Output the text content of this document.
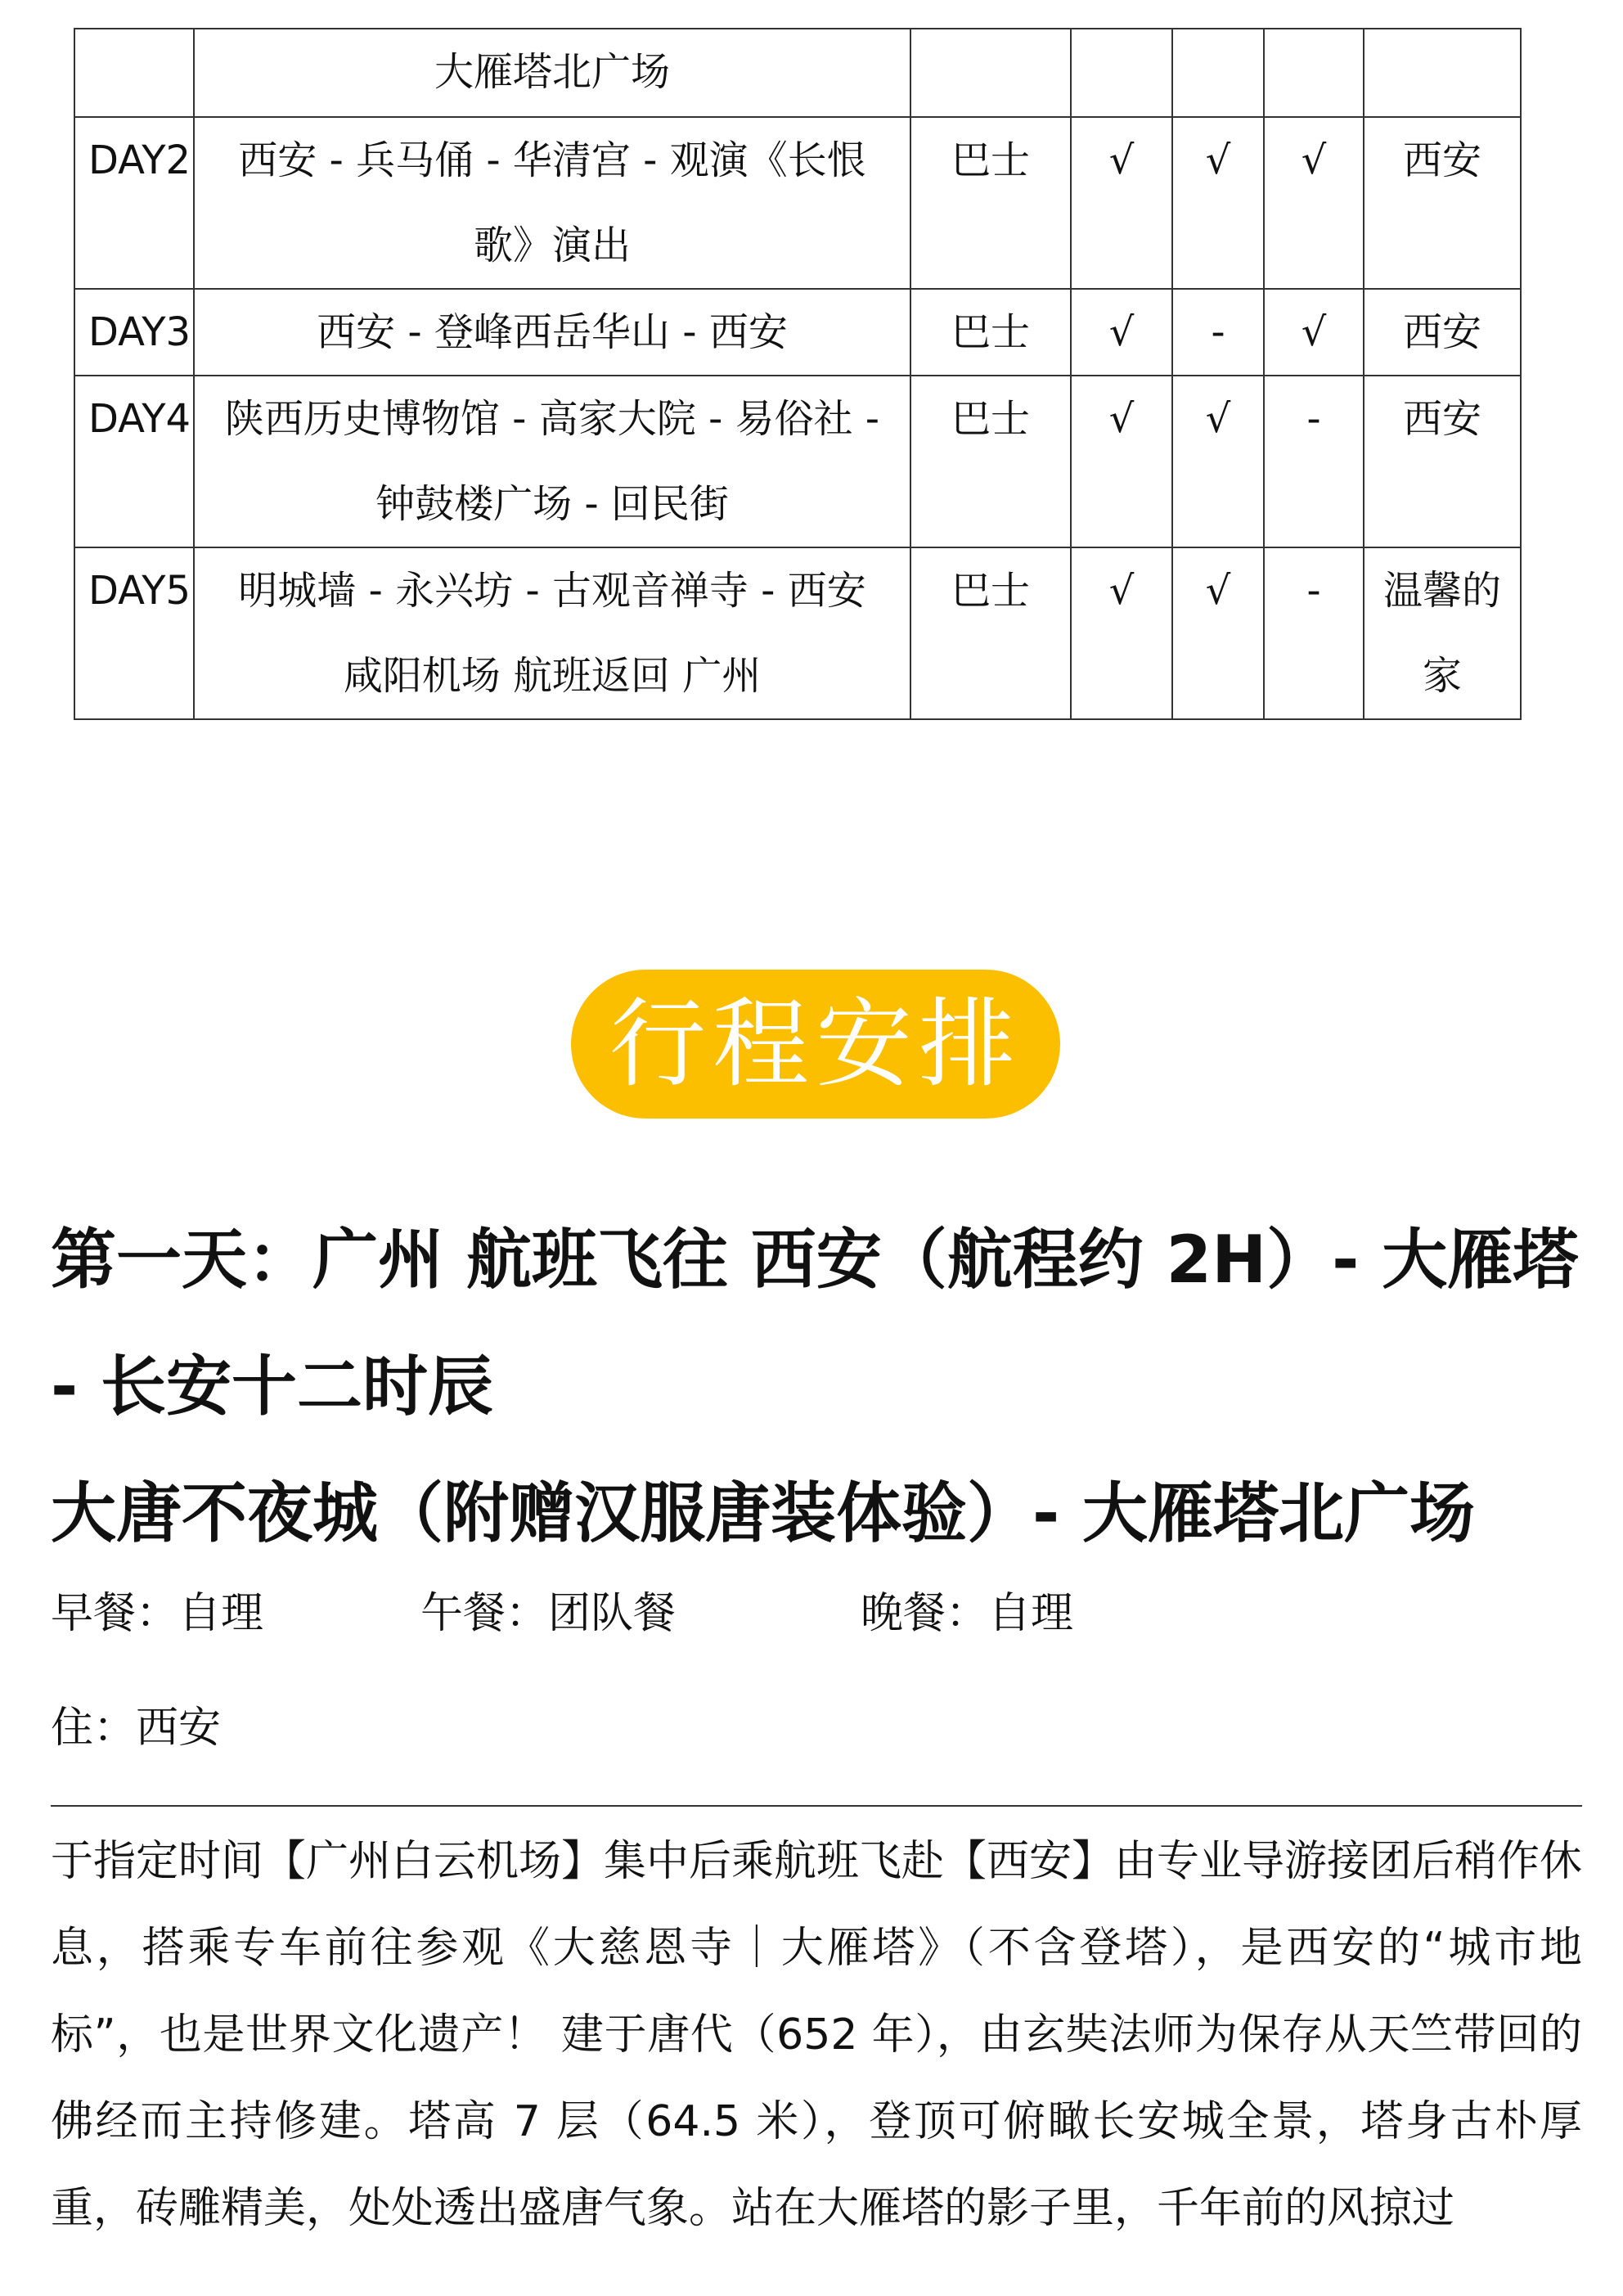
	大雁塔北广场					
DAY2	西安 - 兵马俑 - 华清宫 - 观演《长恨歌》演出	巴士	√	√	√	西安
DAY3	西安 - 登峰西岳华山 - 西安	巴士	√	-	√	西安
DAY4	陕西历史博物馆 - 高家大院 - 易俗社 - 钟鼓楼广场 - 回民街	巴士	√	√	-	西安
DAY5	明城墙 - 永兴坊 - 古观音禅寺 - 西安咸阳机场 航班返回 广州	巴士	√	√	-	温馨的家
行程安排
第一天：广州 航班飞往 西安（航程约 2H）- 大雁塔
- 长安十二时辰
大唐不夜城（附赠汉服唐装体验）- 大雁塔北广场
早餐：自理	午餐：团队餐	晚餐：自理
住：西安
于指定时间【广州白云机场】集中后乘航班飞赴【西安】由专业导游接团后稍作休息，搭乘专车前往参观《大慈恩寺｜大雁塔》（不含登塔），是西安的“城市地标”，也是世界文化遗产！ 建于唐代（652 年），由玄奘法师为保存从天竺带回的佛经而主持修建。塔高 7 层（64.5 米），登顶可俯瞰长安城全景，塔身古朴厚重，砖雕精美，处处透出盛唐气象。站在大雁塔的影子里，千年前的风掠过
